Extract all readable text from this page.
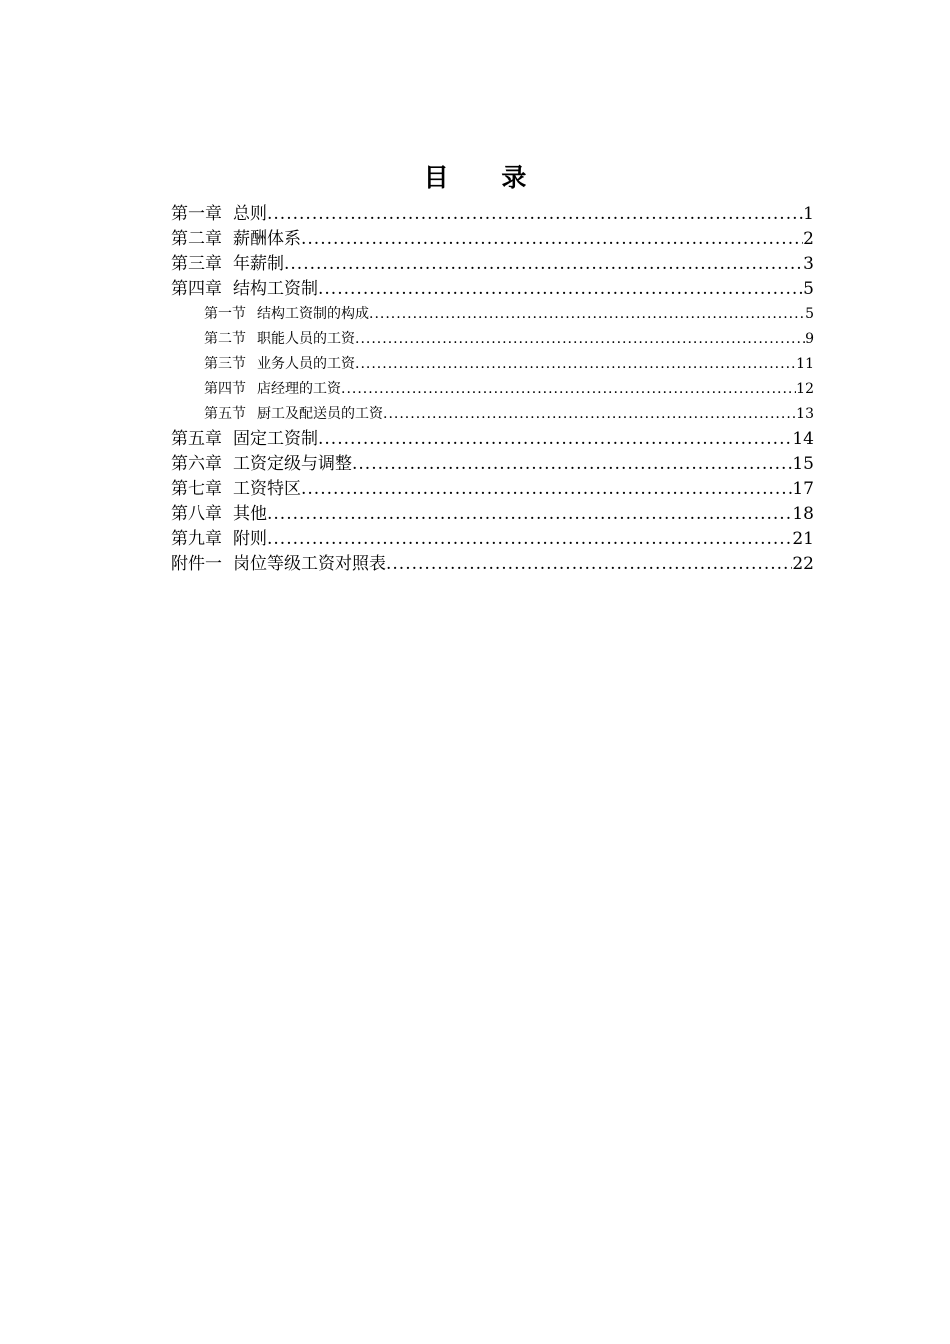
目 录
第一章 总则 .....	1
第二章 薪酬体系 .....	2
第三章 年薪制 .....	3
第四章 结构工资制 .....	5
第一节 结构工资制的构成 .....	5
第二节 职能人员的工资 .....	9
第三节 业务人员的工资 .....	11
第四节 店经理的工资 .....	12
第五节 厨工及配送员的工资 .....	13
第五章 固定工资制 .....	14
第六章 工资定级与调整 .....	15
第七章 工资特区 .....	17
第八章 其他 .....	18
第九章 附则 .....	21
附件一 岗位等级工资对照表 .....	22
